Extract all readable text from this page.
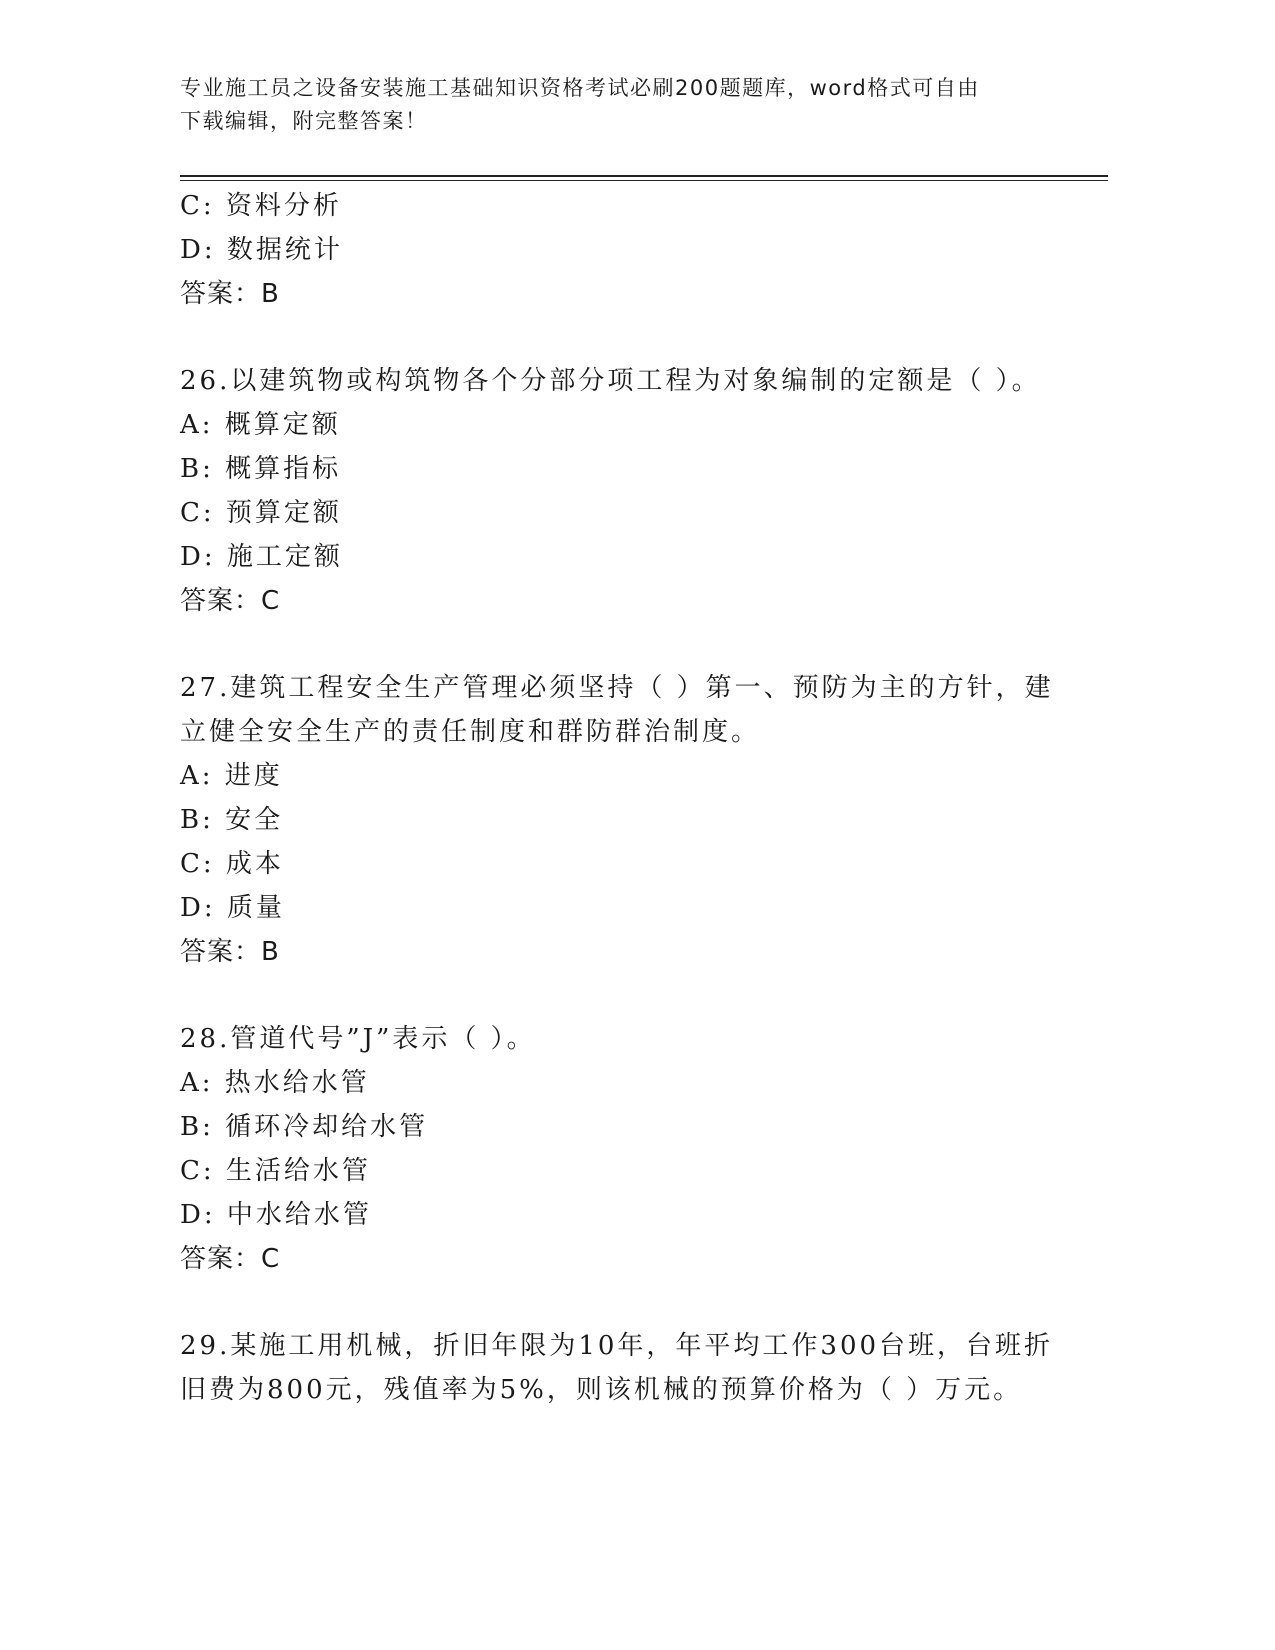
专业施工员之设备安装施工基础知识资格考试必刷200题题库，word格式可自由
下载编辑，附完整答案！
C: 资料分析
D: 数据统计
答案：B
26.以建筑物或构筑物各个分部分项工程为对象编制的定额是（ ）。
A: 概算定额
B: 概算指标
C: 预算定额
D: 施工定额
答案：C
27.建筑工程安全生产管理必须坚持（ ）第一、预防为主的方针，建
立健全安全生产的责任制度和群防群治制度。
A: 进度
B: 安全
C: 成本
D: 质量
答案：B
28.管道代号”J”表示（ ）。
A: 热水给水管
B: 循环冷却给水管
C: 生活给水管
D: 中水给水管
答案：C
29.某施工用机械，折旧年限为10年，年平均工作300台班，台班折
旧费为800元，残值率为5%，则该机械的预算价格为（ ）万元。
